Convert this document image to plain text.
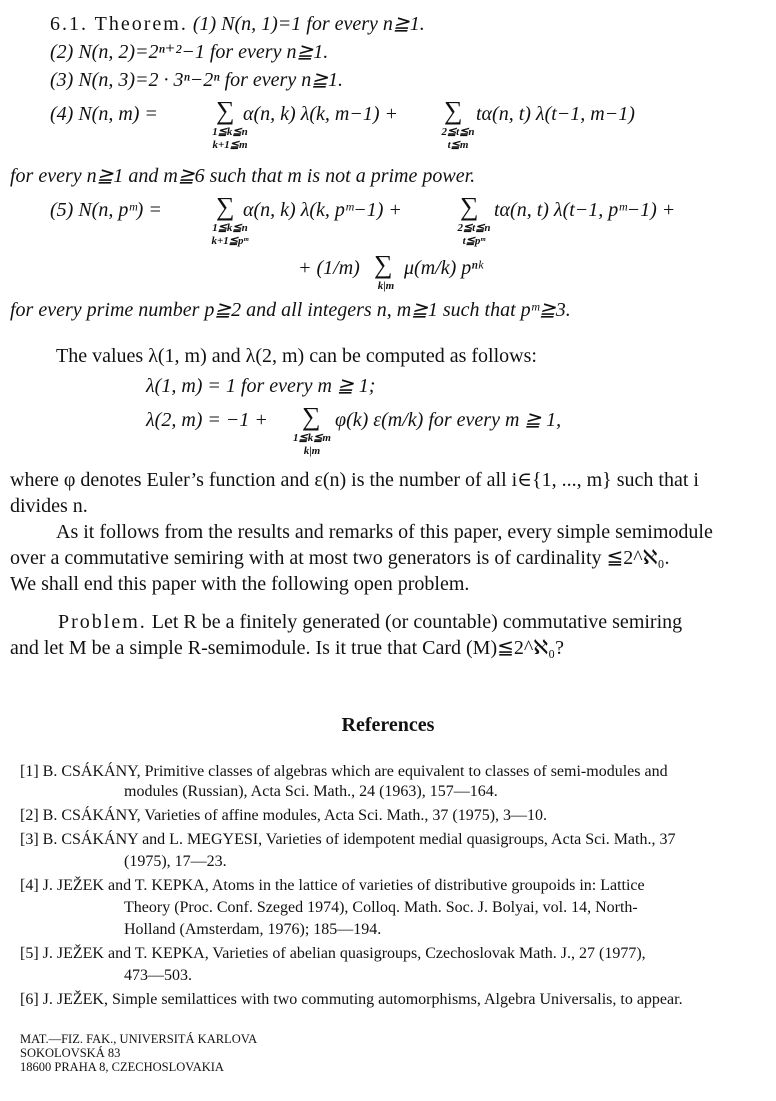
6.1. Theorem. (1) N(n, 1)=1 for every n≧1.
(2) N(n, 2)=2ⁿ⁺²−1 for every n≧1.
(3) N(n, 3)=2 · 3ⁿ−2ⁿ for every n≧1.
(4) N(n, m) = ∑ α(n, k) λ(k, m−1) + ∑ tα(n, t) λ(t−1, m−1)
1≦k≦n
k+1≦m
2≦t≦n
t≦m
for every n≧1 and m≧6 such that m is not a prime power.
(5) N(n, pᵐ) = ∑ α(n, k) λ(k, pᵐ−1) + ∑ tα(n, t) λ(t−1, pᵐ−1) +
1≦k≦n
k+1≦pᵐ
2≦t≦n
t≦pᵐ
+ (1/m) ∑ μ(m/k) pⁿᵏ
k|m
for every prime number p≧2 and all integers n, m≧1 such that pᵐ≧3.
The values λ(1, m) and λ(2, m) can be computed as follows:
λ(1, m) = 1 for every m ≧ 1;
λ(2, m) = −1 + ∑ φ(k) ε(m/k) for every m ≧ 1,
1≦k≦m
k|m
where φ denotes Euler’s function and ε(n) is the number of all i∈{1, ..., m} such that i
divides n.
As it follows from the results and remarks of this paper, every simple semimodule
over a commutative semiring with at most two generators is of cardinality ≦2^ℵ₀.
We shall end this paper with the following open problem.
Problem. Let R be a finitely generated (or countable) commutative semiring
and let M be a simple R-semimodule. Is it true that Card (M)≦2^ℵ₀?
References
[1] B. CSÁKÁNY, Primitive classes of algebras which are equivalent to classes of semi-modules and
modules (Russian), Acta Sci. Math., 24 (1963), 157—164.
[2] B. CSÁKÁNY, Varieties of affine modules, Acta Sci. Math., 37 (1975), 3—10.
[3] B. CSÁKÁNY and L. MEGYESI, Varieties of idempotent medial quasigroups, Acta Sci. Math., 37
(1975), 17—23.
[4] J. JEŽEK and T. KEPKA, Atoms in the lattice of varieties of distributive groupoids in: Lattice
Theory (Proc. Conf. Szeged 1974), Colloq. Math. Soc. J. Bolyai, vol. 14, North-
Holland (Amsterdam, 1976); 185—194.
[5] J. JEŽEK and T. KEPKA, Varieties of abelian quasigroups, Czechoslovak Math. J., 27 (1977),
473—503.
[6] J. JEŽEK, Simple semilattices with two commuting automorphisms, Algebra Universalis, to appear.
MAT.—FIZ. FAK., UNIVERSITÁ KARLOVA
SOKOLOVSKÁ 83
18600 PRAHA 8, CZECHOSLOVAKIA
